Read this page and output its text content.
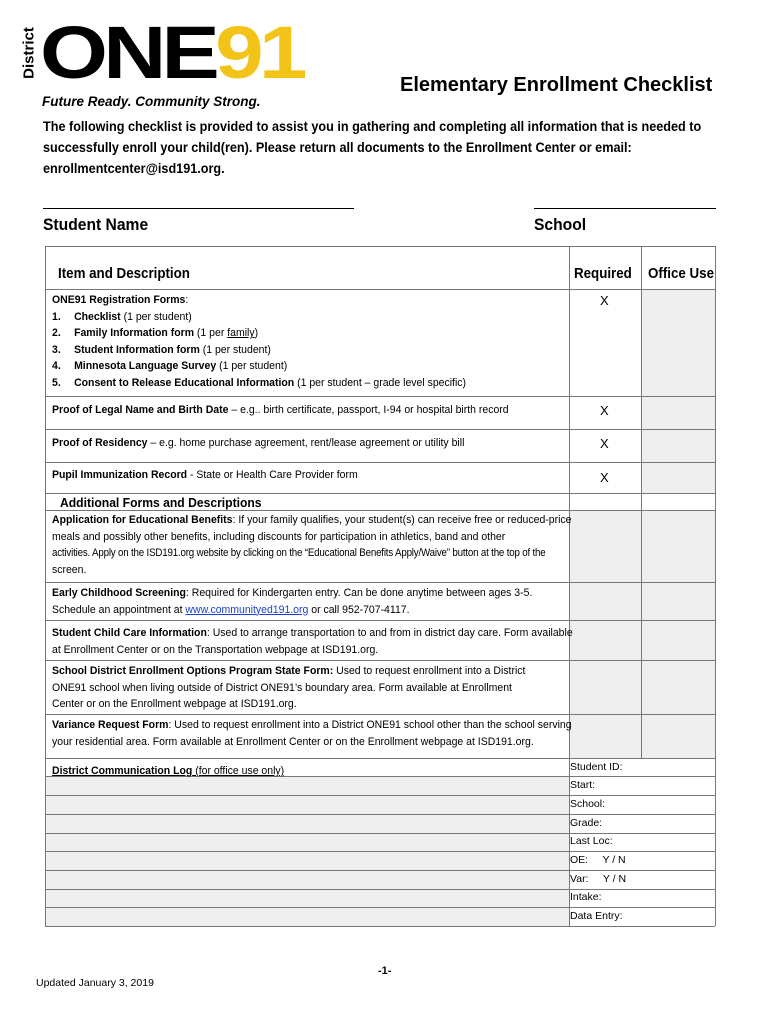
District ONE91
Future Ready. Community Strong.
Elementary Enrollment Checklist
The following checklist is provided to assist you in gathering and completing all information that is needed to successfully enroll your child(ren). Please return all documents to the Enrollment Center or email: enrollmentcenter@isd191.org.
Student Name	School
Item and Description	Required Office Use
ONE91 Registration Forms:
1. Checklist (1 per student)
2. Family Information form (1 per family)
3. Student Information form (1 per student)
4. Minnesota Language Survey (1 per student)
5. Consent to Release Educational Information (1 per student – grade level specific)
X
Proof of Legal Name and Birth Date – e.g.. birth certificate, passport, I-94 or hospital birth record	X
Proof of Residency – e.g. home purchase agreement, rent/lease agreement or utility bill	X
Pupil Immunization Record - State or Health Care Provider form	X
Additional Forms and Descriptions
Application for Educational Benefits: If your family qualifies, your student(s) can receive free or reduced-price
meals and possibly other benefits, including discounts for participation in athletics, band and other
activities. Apply on the ISD191.org website by clicking on the “Educational Benefits Apply/Waive” button at the top of the
screen.
Early Childhood Screening: Required for Kindergarten entry. Can be done anytime between ages 3-5.
Schedule an appointment at www.communityed191.org or call 952-707-4117.
Student Child Care Information: Used to arrange transportation to and from in district day care. Form available
at Enrollment Center or on the Transportation webpage at ISD191.org.
School District Enrollment Options Program State Form: Used to request enrollment into a District
ONE91 school when living outside of District ONE91’s boundary area. Form available at Enrollment
Center or on the Enrollment webpage at ISD191.org.
Variance Request Form: Used to request enrollment into a District ONE91 school other than the school serving
your residential area. Form available at Enrollment Center or on the Enrollment webpage at ISD191.org.
District Communication Log (for office use only)	Student ID:
Start:
School:
Grade:
Last Loc:
OE:     Y / N
Var:     Y / N
Intake:
Data Entry:
-1-
Updated January 3, 2019
